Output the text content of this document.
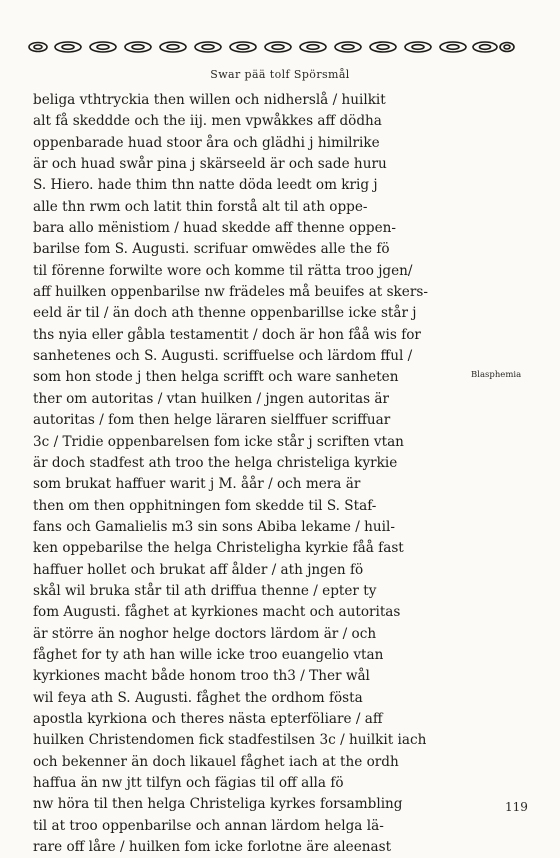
Swar pää tolf Spörsmål
beliga vthtryckia then willen och nidherslå / huilkit
alt få skeddde och the iij. men vpwåkkes aff dödha
oppenbarade huad stoor åra och glädhi j himilrike
är och huad swår pina j skärseeld är och sade huru
S. Hiero. hade thim thn natte döda leedt om krig j
alle thn rwm och latit thin forstå alt til ath oppe-
bara allo mënistiom / huad skedde aff thenne oppen-
barilse fom S. Augusti. scrifuar omwëdes alle the fö
til förenne forwilte wore och komme til rätta troo jgen/
aff huilken oppenbarilse nw frädeles må beuifes at skers-
eeld är til / än doch ath thenne oppenbarillse icke står j
ths nyia eller gåbla testamentit / doch är hon fåå wis for
sanhetenes och S. Augusti. scriffuelse och lärdom fful /
som hon stode j then helga scrifft och ware sanheten
ther om autoritas / vtan huilken / jngen autoritas är
autoritas / fom then helge läraren sielffuer scriffuar
3c / Tridie oppenbarelsen fom icke står j scriften vtan
är doch stadfest ath troo the helga christeliga kyrkie
som brukat haffuer warit j M. åår / och mera är
then om then opphitningen fom skedde til S. Staf-
fans och Gamalielis m3 sin sons Abiba lekame / huil-
ken oppebarilse the helga Christeligha kyrkie fåå fast
haffuer hollet och brukat aff ålder / ath jngen fö
skål wil bruka står til ath driffua thenne / epter ty
fom Augusti. fåghet at kyrkiones macht och autoritas
är större än noghor helge doctors lärdom är / och
fåghet for ty ath han wille icke troo euangelio vtan
kyrkiones macht både honom troo th3 / Ther wål
wil feya ath S. Augusti. fåghet the ordhom fösta
apostla kyrkiona och theres nästa epterföliare / aff
huilken Christendomen fick stadfestilsen 3c / huilkit iach
och bekenner än doch likauel fåghet iach at the ordh
haffua än nw jtt tilfyn och fägias til off alla fö
nw höra til then helga Christeliga kyrkes forsambling
til at troo oppenbarilse och annan lärdom helga lä-
rare off låre / huilken fom icke forlotne äre aleenast
Blasphemia
119
